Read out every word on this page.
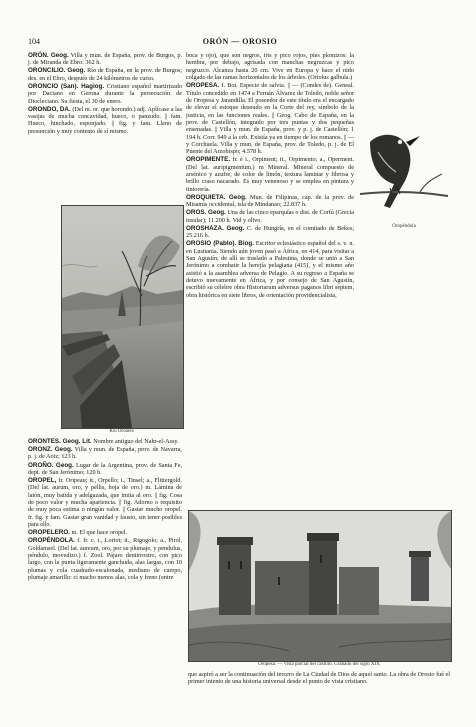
104	ORÓN — OROSIO

ORÓN. Geog. Villa y mun. de España, prov. de Burgos, p. j. de Miranda de Ebro: 362 h.

ORONCILIO. Geog. Río de España, en la prov. de Burgos; des. en el Ebro, después de 24 kilómetros de curso.

ORONCIO (San). Hagiog. Cristiano español martirizado por Daciano en Gerona durante la persecución de Diocleciano. Su fiesta, el 30 de enero.

ORONDO, DA. (Del m. or. que horondo.) adj. Aplícase a las vasijas de mucha concavidad, hueco, o panzudo. || fam. Hueco, hinchado, esponjado. || fig. y fam. Lleno de presunción y muy contento de sí mismo.

Río Orontes

ORONTES. Geog. Lit. Nombre antiguo del Nahr-el-Assy.

ORONZ. Geog. Villa y mun. de España, prov. de Navarra, p. j. de Aoiz; 123 h.

OROÑO. Geog. Lugar de la Argentina, prov. de Santa Fe, dept. de San Jerónimo; 120 h.

OROPEL, fr. Oripeau; it., Orpello; i., Tinsel; a., Flittergold. (Del lat. aurum, oro, y pellis, hoja de oro.) m. Lámina de latón, muy batida y adelgazada, que imita al oro. || fig. Cosa de poco valor y mucha apariencia. || fig. Adorno o requisito de muy poca estima o ningún valor. || Gastar mucho oropel. fr. fig. y fam. Gastar gran vanidad y fausto, sin tener posibles para ello.

OROPELERO. m. El que hace oropel.

OROPÉNDOLA. f. fr. c. i., Loriot; it., Rigogolo; a., Pirol, Goldamsel. (Del lat. aureum, oro, por su plumaje, y pendulus, péndulo, movedizo.) f. Zool. Pájaro dentirrostro, con pico largo, con la punta ligeramente ganchuda, alas largas, con 10 plumas y cola cuadrado-escalonada, mediano de cuerpo, plumaje amarillo: cí macho menos alas, cola y freno (entre

boca y ojo), que son negros, iris y pico rojos, pies plomizos: la hembra, por debajo, agrisada con manchas negruzcas y pico negruzco. Alcanza hasta 20 cm. Vive en Europa y hace el nido colgado de las ramas horizontales de los árboles. (Oriolus galbula.)

OROPESA. f. Bot. Especie de salvia. || — (Condes de). Geneal. Título concedido en 1474 a Fernán Álvarez de Toledo, noble señor de Oropesa y Jarandilla. El poseedor de este título era el encargado de elevar el estoque desnudo en la Corte del rey, símbolo de la justicia, en las funciones reales. || Geog. Cabo de España, en la prov. de Castellón, integrado por tres puntas y dos pequeñas ensenadas. || Villa y mun. de España, prov. y p. j. de Castellón; 1 194 h. Corr. 949 a la ceb. Existía ya en tiempo de los romanos. || — y Corchuela. Villa y mun. de España, prov. de Toledo, p. j. de El Puente del Arzobispo; 4.578 h.

OROPIMENTE. fr. é i., Orpiment; it., Orpimento; a., Operment. (Del lat. auripigmentum.) m Mineral. Mineral compuesto de arsénico y azufre, de color de limón, textura laminar y fibrosa y brillo craso nacarado. Es muy venenoso y se emplea en pintura y tintorería.

OROQUIETA. Geog. Mun. de Filipinas, cap. de la prov. de Misamis occidental, isla de Mindanao; 22.837 h.

OROS. Geog. Una de las cinco eparquías o dist. de Corfú (Grecia insular); 11.200 h. Vid y olivo.

OROSHAZA. Geog. C. de Hungría, en el comitado de Bekes; 25.216 h.

OROSIO (Pablo). Biog. Escritor eclesiástico español del s. v. n. en Lusitania. Siendo aún joven pasó a África, en 414, para visitar a San Agustín; de allí se trasladó a Palestina, donde se unió a San Jerónimo a combatir la herejía pelagiana (415), y el mismo año asistió a la asamblea adversa de Pelagio. A su regreso a España se detuvo nuevamente en África, y por consejo de San Agustín, escribió su célebre obra Historiarum adversus paganos libri septem, obra histórica en siete libros, de orientación providencialista,

Oropéndola
Oropesa. — Vista parcial del castillo. Grabado del siglo XIX

que aspiró a ser la continuación del tercero de La Ciudad de Dios de aquel santo. La obra de Orosio fué el primer intento de una historia universal desde el punto de vista cristiano.
